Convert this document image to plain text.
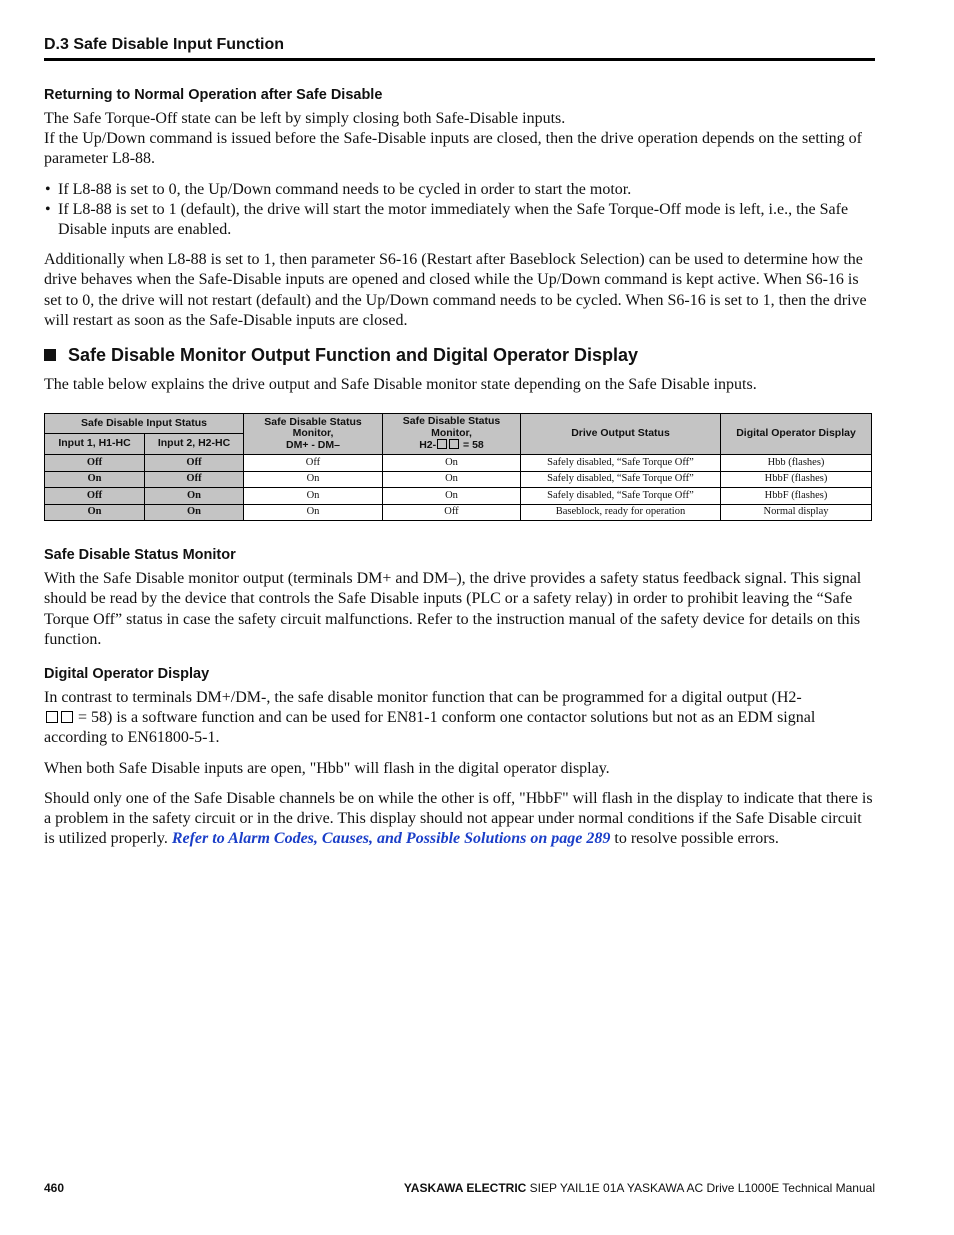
D.3 Safe Disable Input Function
Returning to Normal Operation after Safe Disable

The Safe Torque-Off state can be left by simply closing both Safe-Disable inputs.

If the Up/Down command is issued before the Safe-Disable inputs are closed, then the drive operation depends on the setting of parameter L8-88.

• If L8-88 is set to 0, the Up/Down command needs to be cycled in order to start the motor.
• If L8-88 is set to 1 (default), the drive will start the motor immediately when the Safe Torque-Off mode is left, i.e., the Safe Disable inputs are enabled.

Additionally when L8-88 is set to 1, then parameter S6-16 (Restart after Baseblock Selection) can be used to determine how the drive behaves when the Safe-Disable inputs are opened and closed while the Up/Down command is kept active. When S6-16 is set to 0, the drive will not restart (default) and the Up/Down command needs to be cycled. When S6-16 is set to 1, then the drive will restart as soon as the Safe-Disable inputs are closed.

Safe Disable Monitor Output Function and Digital Operator Display

The table below explains the drive output and Safe Disable monitor state depending on the Safe Disable inputs.

Safe Disable Input Status		Safe Disable Status
Monitor,
DM+ - DM–	Safe Disable Status
Monitor,
H2- = 58	Drive Output Status	Digital Operator Display
Input 1, H1-HC	Input 2, H2-HC				
Off	Off	Off	On	Safely disabled, “Safe Torque Off”	Hbb (flashes)
On	Off	On	On	Safely disabled, “Safe Torque Off”	HbbF (flashes)
Off	On	On	On	Safely disabled, “Safe Torque Off”	HbbF (flashes)
On	On	On	Off	Baseblock, ready for operation	Normal display
Safe Disable Status Monitor

With the Safe Disable monitor output (terminals DM+ and DM–), the drive provides a safety status feedback signal. This signal should be read by the device that controls the Safe Disable inputs (PLC or a safety relay) in order to prohibit leaving the “Safe Torque Off” status in case the safety circuit malfunctions. Refer to the instruction manual of the safety device for details on this function.

Digital Operator Display

In contrast to terminals DM+/DM-, the safe disable monitor function that can be programmed for a digital output (H2-
= 58) is a software function and can be used for EN81-1 conform one contactor solutions but not as an EDM signal according to EN61800-5-1.

When both Safe Disable inputs are open, "Hbb" will flash in the digital operator display.

Should only one of the Safe Disable channels be on while the other is off, "HbbF" will flash in the display to indicate that there is a problem in the safety circuit or in the drive. This display should not appear under normal conditions if the Safe Disable circuit is utilized properly. Refer to Alarm Codes, Causes, and Possible Solutions on page 289 to resolve possible errors.

460	YASKAWA ELECTRIC SIEP YAIL1E 01A YASKAWA AC Drive L1000E Technical Manual
